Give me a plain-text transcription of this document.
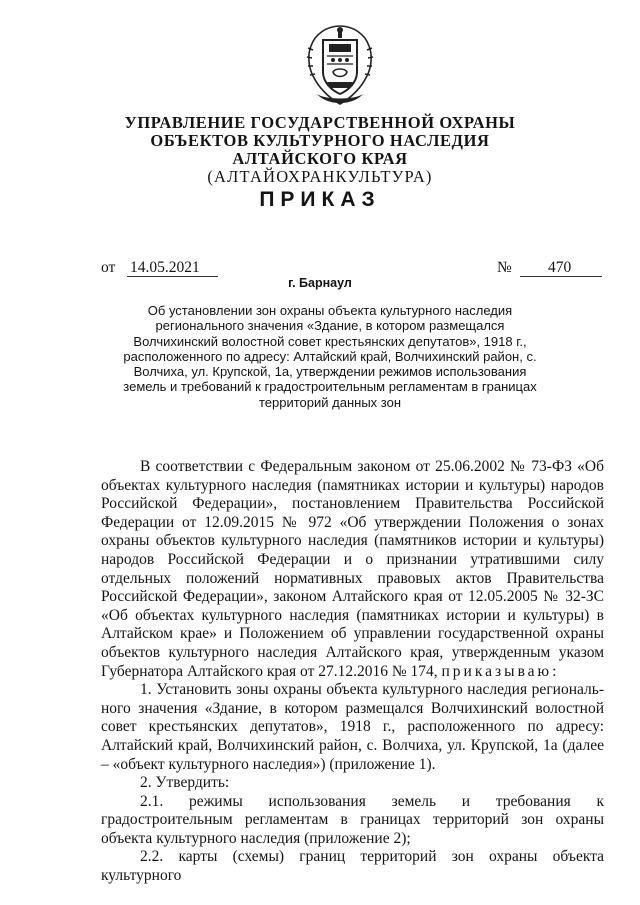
УПРАВЛЕНИЕ ГОСУДАРСТВЕННОЙ ОХРАНЫ
ОБЪЕКТОВ КУЛЬТУРНОГО НАСЛЕДИЯ
АЛТАЙСКОГО КРАЯ
(АЛТАЙОХРАНКУЛЬТУРА)
ПРИКАЗ
от 14.05.2021	№ 470
г. Барнаул
Об установлении зон охраны объекта культурного наследия регионального значения «Здание, в котором размещался Волчихинский волостной совет крестьянских депутатов», 1918 г., расположенного по адресу: Алтайский край, Волчихинский район, с. Волчиха, ул. Крупской, 1а, утверждении режимов использования земель и требований к градостроительным регламентам в границах территорий данных зон

В соответствии с Федеральным законом от 25.06.2002 № 73-ФЗ «Об объектах культурного наследия (памятниках истории и культуры) народов Российской Федерации», постановлением Правительства Российской Федерации от 12.09.2015 № 972 «Об утверждении Положения о зонах охраны объектов культурного наследия (памятников истории и культуры) народов Российской Федерации и о признании утратившими силу отдельных положений нормативных правовых актов Правительства Российской Федерации», законом Алтайского края от 12.05.2005 № 32-ЗС «Об объектах культурного наследия (памятниках истории и культуры) в Алтайском крае» и Положением об управлении государственной охраны объектов культурного наследия Алтайского края, утвержденным указом Губернатора Алтайского края от 27.12.2016 № 174, приказываю:

1. Установить зоны охраны объекта культурного наследия региональ-ного значения «Здание, в котором размещался Волчихинский волостной совет крестьянских депутатов», 1918 г., расположенного по адресу: Алтайский край, Волчихинский район, с. Волчиха, ул. Крупской, 1а (далее – «объект культурного наследия») (приложение 1).

2. Утвердить:

2.1. режимы использования земель и требования к градостроительным регламентам в границах территорий зон охраны объекта культурного наследия (приложение 2);

2.2. карты (схемы) границ территорий зон охраны объекта культурного
